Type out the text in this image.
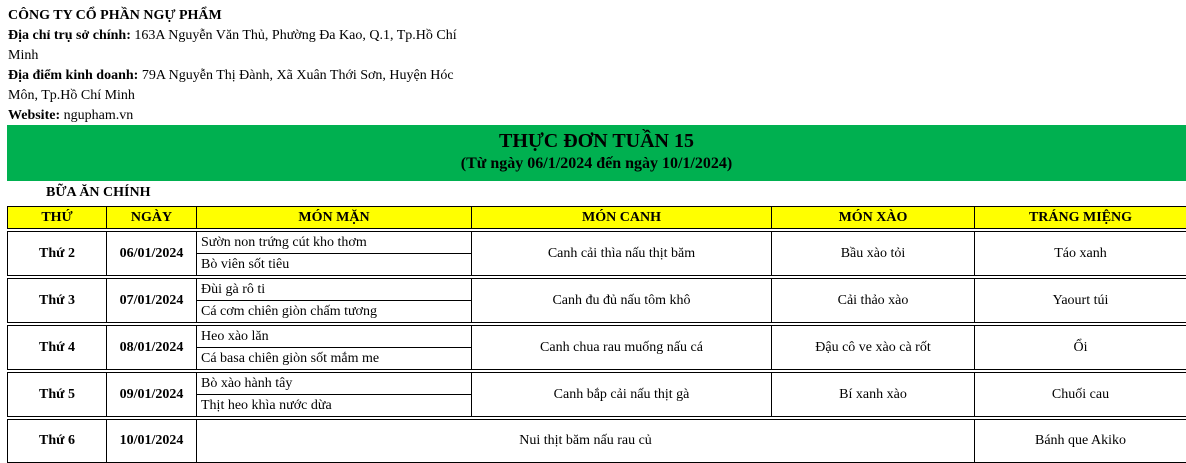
CÔNG TY CỔ PHẦN NGỰ PHẨM
Địa chỉ trụ sở chính: 163A Nguyễn Văn Thủ, Phường Đa Kao, Q.1, Tp.Hồ Chí Minh
Địa điểm kinh doanh: 79A Nguyễn Thị Đành, Xã Xuân Thới Sơn, Huyện Hóc Môn, Tp.Hồ Chí Minh
Website: ngupham.vn
THỰC ĐƠN TUẦN 15
(Từ ngày 06/1/2024 đến ngày 10/1/2024)
BỮA ĂN CHÍNH
THỨ	NGÀY	MÓN MẶN	MÓN CANH	MÓN XÀO	TRÁNG MIỆNG

Thứ 2	06/01/2024	Sườn non trứng cút kho thơm	Canh cải thìa nấu thịt băm	Bầu xào tỏi	Táo xanh
		Bò viên sốt tiêu			

Thứ 3	07/01/2024	Đùi gà rô ti	Canh đu đủ nấu tôm khô	Cải thảo xào	Yaourt túi
		Cá cơm chiên giòn chấm tương			

Thứ 4	08/01/2024	Heo xào lăn	Canh chua rau muống nấu cá	Đậu cô ve xào cà rốt	Ổi
		Cá basa chiên giòn sốt mắm me			

Thứ 5	09/01/2024	Bò xào hành tây	Canh bắp cải nấu thịt gà	Bí xanh xào	Chuối cau
		Thịt heo khìa nước dừa			

Thứ 6	10/01/2024	Nui thịt băm nấu rau củ			Bánh que Akiko
